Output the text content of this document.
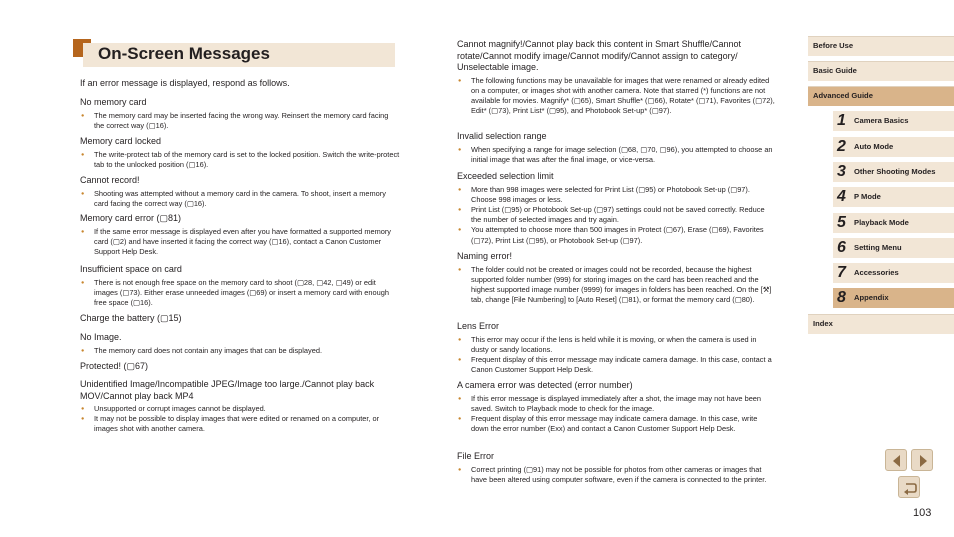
On-Screen Messages
If an error message is displayed, respond as follows.
No memory card
● The memory card may be inserted facing the wrong way. Reinsert the memory card facing the correct way (▢16).
Memory card locked
● The write-protect tab of the memory card is set to the locked position. Switch the write-protect tab to the unlocked position (▢16).
Cannot record!
● Shooting was attempted without a memory card in the camera. To shoot, insert a memory card facing the correct way (▢16).
Memory card error (▢81)
● If the same error message is displayed even after you have formatted a supported memory card (▢2) and have inserted it facing the correct way (▢16), contact a Canon Customer Support Help Desk.
Insufficient space on card
● There is not enough free space on the memory card to shoot (▢28, ▢42, ▢49) or edit images (▢73). Either erase unneeded images (▢69) or insert a memory card with enough free space (▢16).
Charge the battery (▢15)
No Image.
● The memory card does not contain any images that can be displayed.
Protected! (▢67)
Unidentified Image/Incompatible JPEG/Image too large./Cannot play back MOV/Cannot play back MP4
● Unsupported or corrupt images cannot be displayed.
● It may not be possible to display images that were edited or renamed on a computer, or images shot with another camera.
Cannot magnify!/Cannot play back this content in Smart Shuffle/Cannot rotate/Cannot modify image/Cannot modify/Cannot assign to category/ Unselectable image.
● The following functions may be unavailable for images that were renamed or already edited on a computer, or images shot with another camera. Note that starred (*) functions are not available for movies. Magnify* (▢65), Smart Shuffle* (▢66), Rotate* (▢71), Favorites (▢72), Edit* (▢73), Print List* (▢95), and Photobook Set-up* (▢97).
Invalid selection range
● When specifying a range for image selection (▢68, ▢70, ▢96), you attempted to choose an initial image that was after the final image, or vice-versa.
Exceeded selection limit
● More than 998 images were selected for Print List (▢95) or Photobook Set-up (▢97). Choose 998 images or less.
● Print List (▢95) or Photobook Set-up (▢97) settings could not be saved correctly. Reduce the number of selected images and try again.
● You attempted to choose more than 500 images in Protect (▢67), Erase (▢69), Favorites (▢72), Print List (▢95), or Photobook Set-up (▢97).
Naming error!
● The folder could not be created or images could not be recorded, because the highest supported folder number (999) for storing images on the card has been reached and the highest supported image number (9999) for images in folders has been reached. On the [⚒] tab, change [File Numbering] to [Auto Reset] (▢81), or format the memory card (▢80).
Lens Error
● This error may occur if the lens is held while it is moving, or when the camera is used in dusty or sandy locations.
● Frequent display of this error message may indicate camera damage. In this case, contact a Canon Customer Support Help Desk.
A camera error was detected (error number)
● If this error message is displayed immediately after a shot, the image may not have been saved. Switch to Playback mode to check for the image.
● Frequent display of this error message may indicate camera damage. In this case, write down the error number (Exx) and contact a Canon Customer Support Help Desk.
File Error
● Correct printing (▢91) may not be possible for photos from other cameras or images that have been altered using computer software, even if the camera is connected to the printer.
Before Use
Basic Guide
Advanced Guide
1 Camera Basics
2 Auto Mode
3 Other Shooting Modes
4 P Mode
5 Playback Mode
6 Setting Menu
7 Accessories
8 Appendix
Index
103
